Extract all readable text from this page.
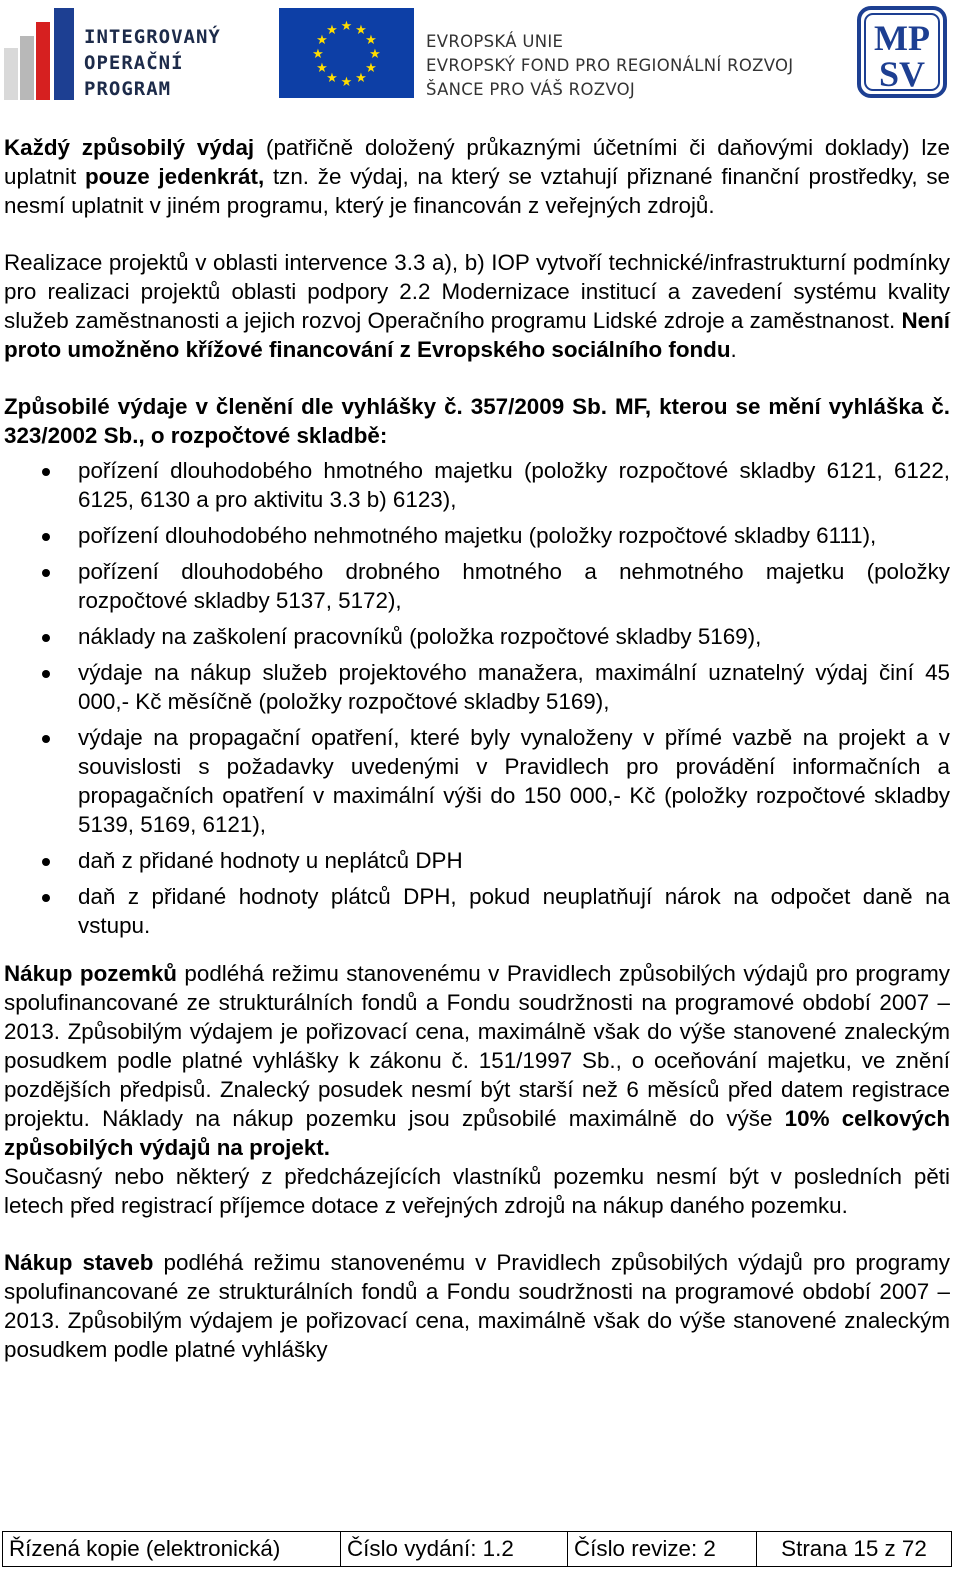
INTEGROVANÝ
OPERAČNÍ
PROGRAM
★ ★
★
★
★
★
★
★
★
★
★
★
EVROPSKÁ UNIE
EVROPSKÝ FOND PRO REGIONÁLNÍ ROZVOJ
ŠANCE PRO VÁŠ ROZVOJ
MP
SV

Každý způsobilý výdaj (patřičně doložený průkaznými účetními či daňovými doklady) lze uplatnit pouze jedenkrát, tzn. že výdaj, na který se vztahují přiznané finanční prostředky, se nesmí uplatnit v jiném programu, který je financován z veřejných zdrojů.

Realizace projektů v oblasti intervence 3.3 a), b) IOP vytvoří technické/infrastrukturní podmínky pro realizaci projektů oblasti podpory 2.2 Modernizace institucí a zavedení systému kvality služeb zaměstnanosti a jejich rozvoj Operačního programu Lidské zdroje a zaměstnanost. Není proto umožněno křížové financování z Evropského sociálního fondu.

Způsobilé výdaje v členění dle vyhlášky č. 357/2009 Sb. MF, kterou se mění vyhláška č. 323/2002 Sb., o rozpočtové skladbě:

pořízení dlouhodobého hmotného majetku (položky rozpočtové skladby 6121, 6122, 6125, 6130 a pro aktivitu 3.3 b) 6123),
pořízení dlouhodobého nehmotného majetku (položky rozpočtové skladby 6111),
pořízení dlouhodobého drobného hmotného a nehmotného majetku (položky rozpočtové skladby 5137, 5172),
náklady na zaškolení pracovníků (položka rozpočtové skladby 5169),
výdaje na nákup služeb projektového manažera, maximální uznatelný výdaj činí 45 000,- Kč měsíčně (položky rozpočtové skladby 5169),
výdaje na propagační opatření, které byly vynaloženy v přímé vazbě na projekt a v souvislosti s požadavky uvedenými v Pravidlech pro provádění informačních a propagačních opatření v maximální výši do 150 000,- Kč (položky rozpočtové skladby 5139, 5169, 6121),
daň z přidané hodnoty u neplátců DPH
daň z přidané hodnoty plátců DPH, pokud neuplatňují nárok na odpočet daně na vstupu.

Nákup pozemků podléhá režimu stanovenému v Pravidlech způsobilých výdajů pro programy spolufinancované ze strukturálních fondů a Fondu soudržnosti na programové období 2007 – 2013. Způsobilým výdajem je pořizovací cena, maximálně však do výše stanovené znaleckým posudkem podle platné vyhlášky k zákonu č. 151/1997 Sb., o oceňování majetku, ve znění pozdějších předpisů. Znalecký posudek nesmí být starší než 6 měsíců před datem registrace projektu. Náklady na nákup pozemku jsou způsobilé maximálně do výše 10% celkových způsobilých výdajů na projekt.

Současný nebo některý z předcházejících vlastníků pozemku nesmí být v posledních pěti letech před registrací příjemce dotace z veřejných zdrojů na nákup daného pozemku.

Nákup staveb podléhá režimu stanovenému v Pravidlech způsobilých výdajů pro programy spolufinancované ze strukturálních fondů a Fondu soudržnosti na programové období 2007 – 2013. Způsobilým výdajem je pořizovací cena, maximálně však do výše stanovené znaleckým posudkem podle platné vyhlášky

Řízená kopie (elektronická)	Číslo vydání: 1.2	Číslo revize: 2	Strana 15 z 72
